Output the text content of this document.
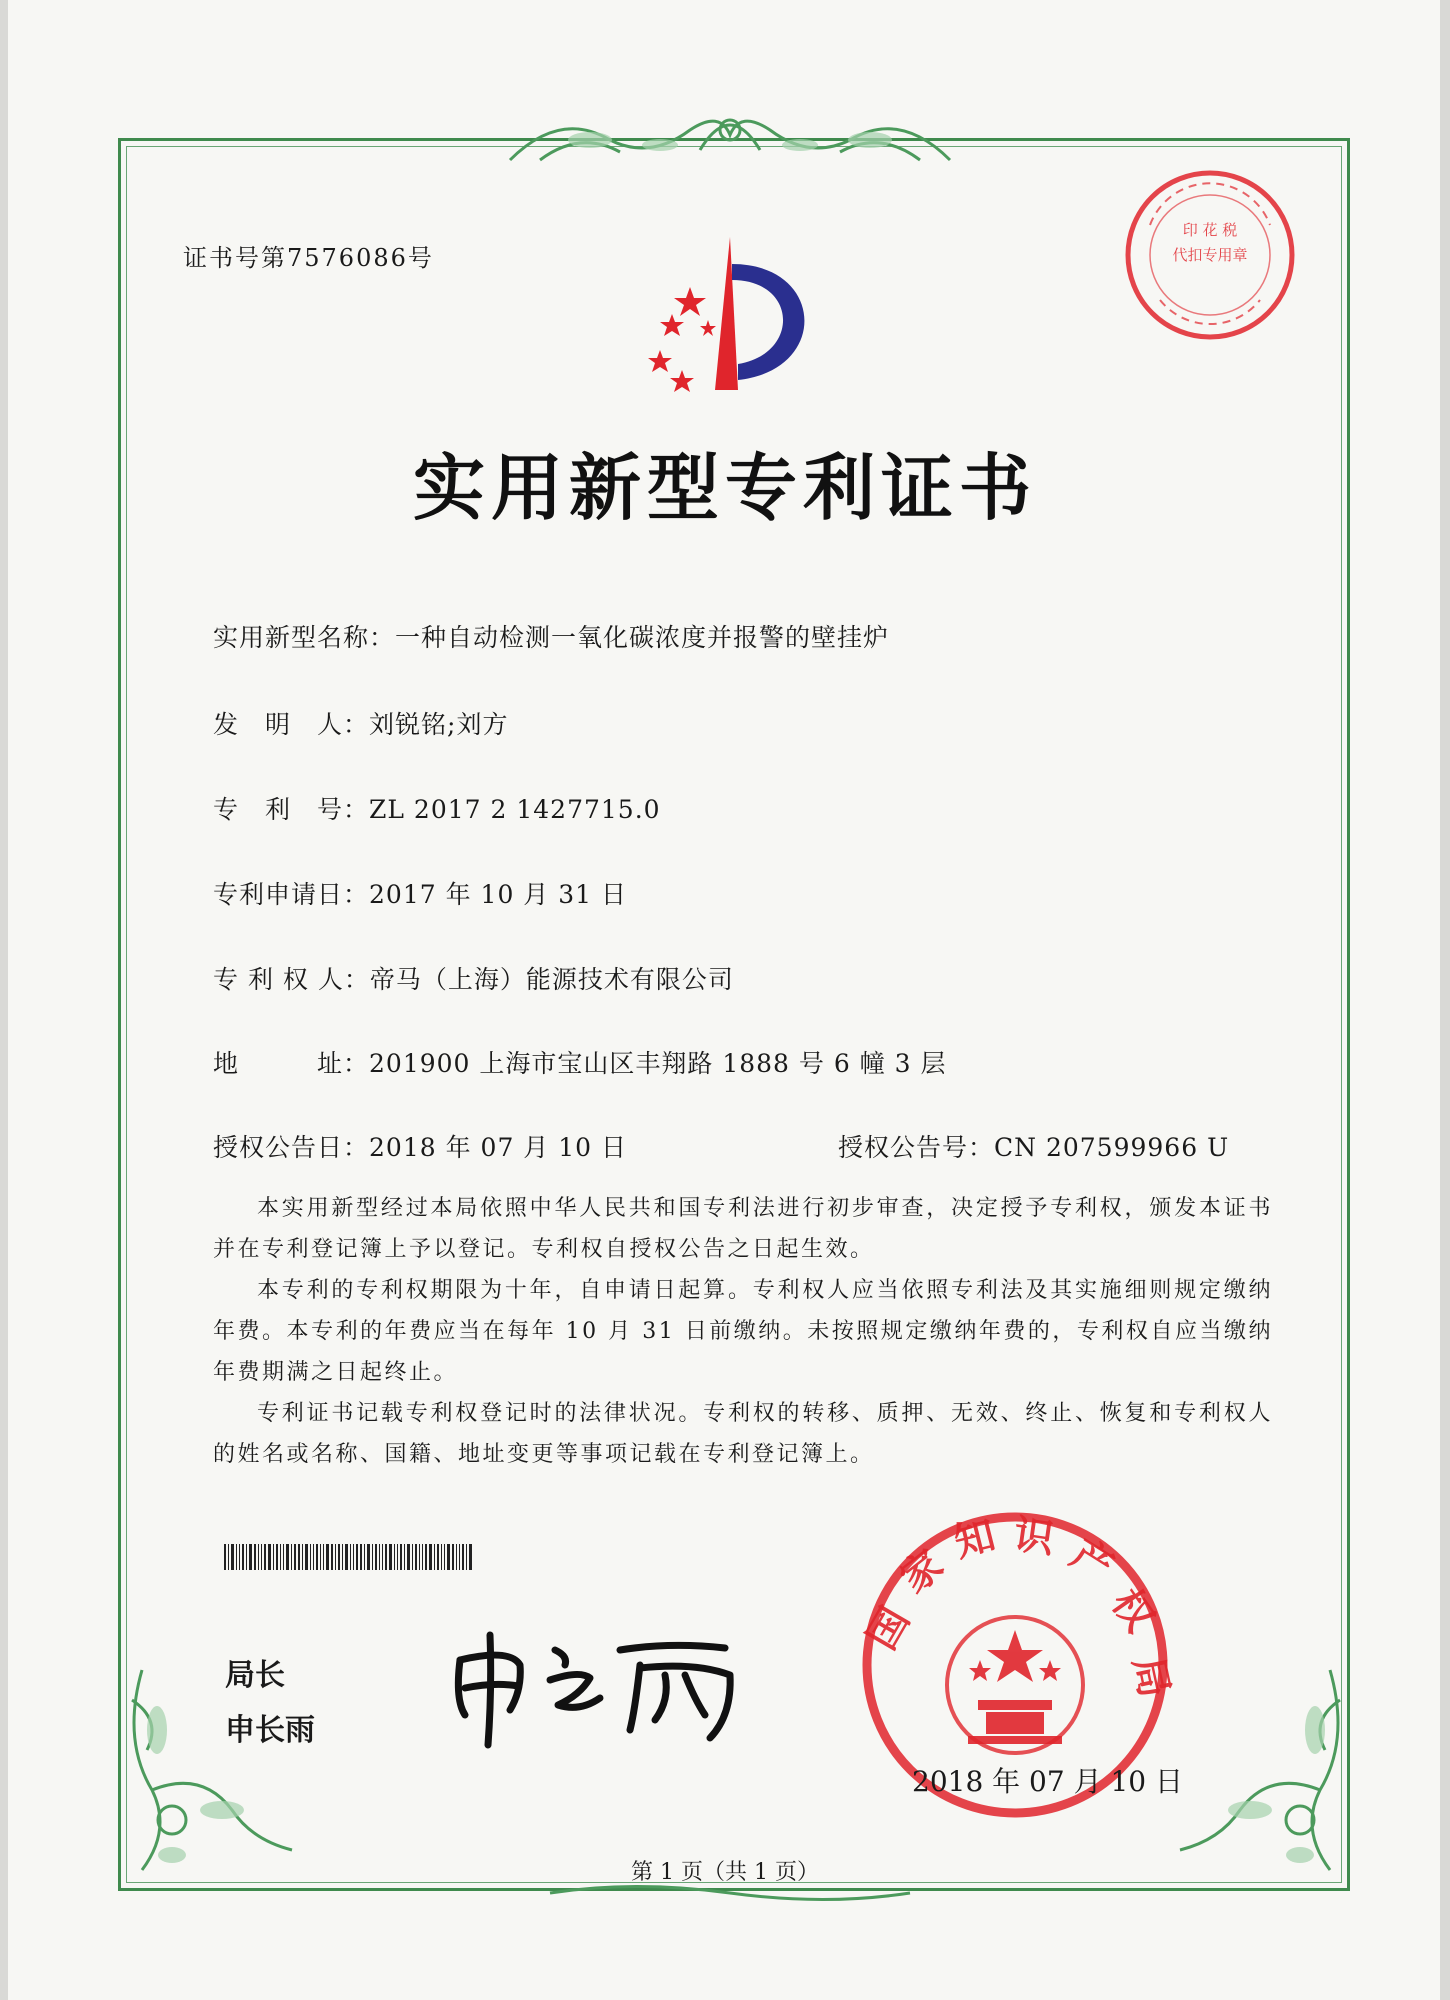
证书号第7576086号
印 花 税
代扣专用章
实用新型专利证书
实用新型名称：一种自动检测一氧化碳浓度并报警的壁挂炉
发　明　人：刘锐铭;刘方
专　利　号：ZL 2017 2 1427715.0
专利申请日：2017 年 10 月 31 日
专 利 权 人：帝马（上海）能源技术有限公司
地　　　址：201900 上海市宝山区丰翔路 1888 号 6 幢 3 层
授权公告日：2018 年 07 月 10 日	授权公告号：CN 207599966 U
本实用新型经过本局依照中华人民共和国专利法进行初步审查，决定授予专利权，颁发本证书并在专利登记簿上予以登记。专利权自授权公告之日起生效。
本专利的专利权期限为十年，自申请日起算。专利权人应当依照专利法及其实施细则规定缴纳年费。本专利的年费应当在每年 10 月 31 日前缴纳。未按照规定缴纳年费的，专利权自应当缴纳年费期满之日起终止。
专利证书记载专利权登记时的法律状况。专利权的转移、质押、无效、终止、恢复和专利权人的姓名或名称、国籍、地址变更等事项记载在专利登记簿上。
局长
申长雨
国
家
知 识 产
权
局
2018 年 07 月 10 日
第 1 页（共 1 页）
